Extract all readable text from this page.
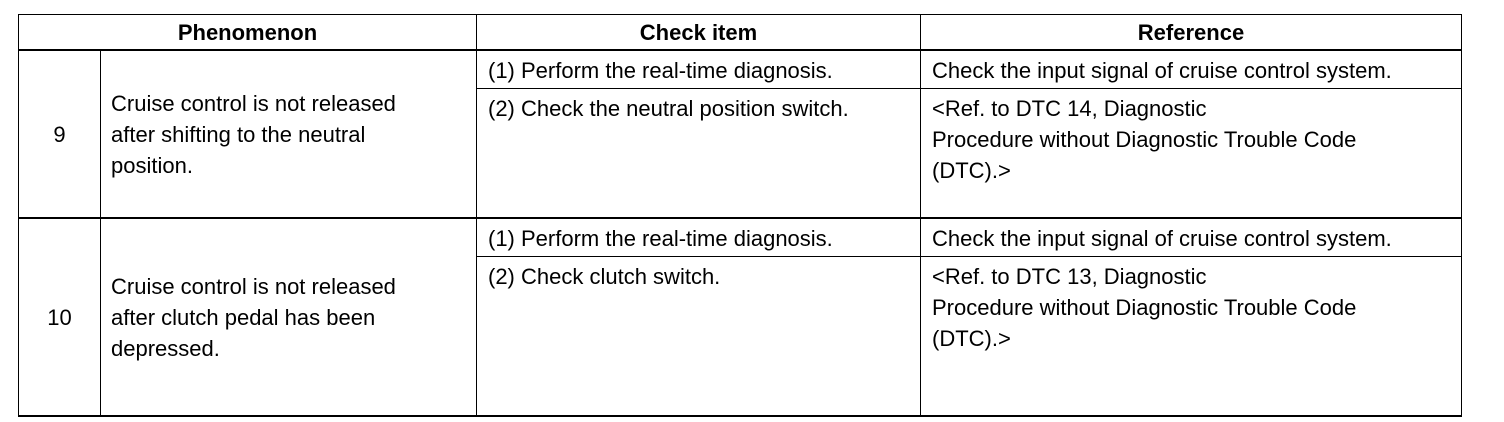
Phenomenon		Check item	Reference
9	Cruise control is not released
after shifting to the neutral
position.	(1) Perform the real-time diagnosis.	Check the input signal of cruise control system.

		(2) Check the neutral position switch.	<Ref. to DTC 14, Diagnostic
Procedure without Diagnostic Trouble Code
(DTC).>

10	Cruise control is not released
after clutch pedal has been
depressed.	(1) Perform the real-time diagnosis.	Check the input signal of cruise control system.

		(2) Check clutch switch.	<Ref. to DTC 13, Diagnostic
Procedure without Diagnostic Trouble Code
(DTC).>
